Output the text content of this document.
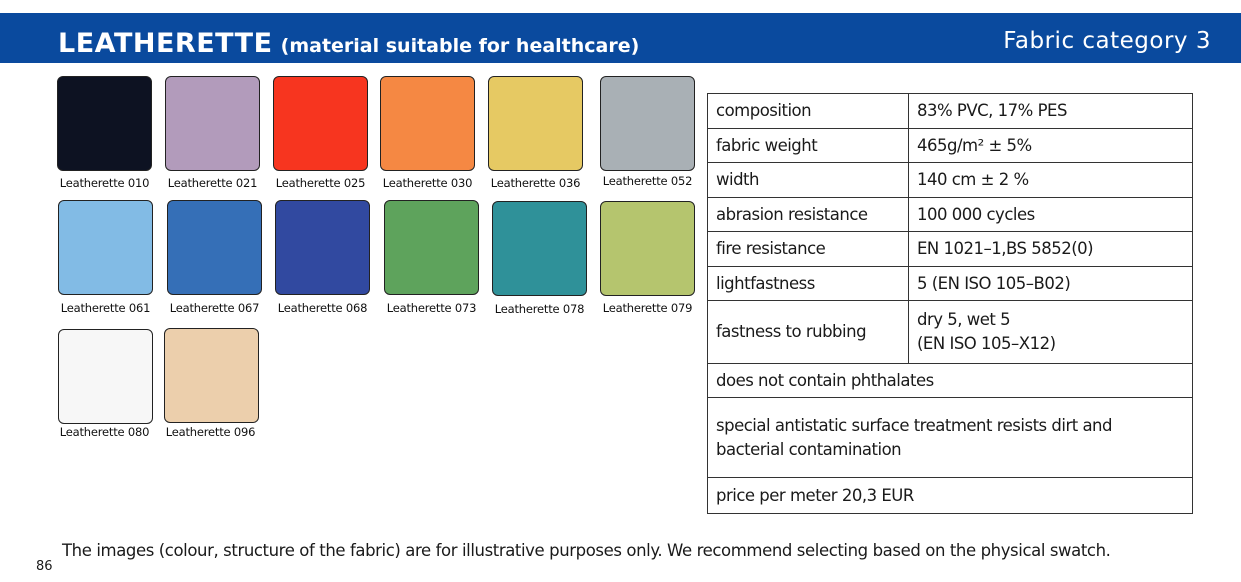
LEATHERETTE (material suitable for healthcare)	Fabric category 3
Leatherette 010	Leatherette 021	Leatherette 025	Leatherette 030	Leatherette 036	Leatherette 052
Leatherette 061	Leatherette 067	Leatherette 068	Leatherette 073	Leatherette 078	Leatherette 079
Leatherette 080	Leatherette 096
composition	83% PVC, 17% PES
fabric weight	465g/m² ± 5%
width	140 cm ± 2 %
abrasion resistance	100 000 cycles
fire resistance	EN 1021–1,BS 5852(0)
lightfastness	5 (EN ISO 105–B02)
fastness to rubbing	dry 5, wet 5
(EN ISO 105–X12)

does not contain phthalates	

special antistatic surface treatment resists dirt and
bacterial contamination	

price per meter 20,3 EUR	
The images (colour, structure of the fabric) are for illustrative purposes only. We recommend selecting based on the physical swatch.
86
